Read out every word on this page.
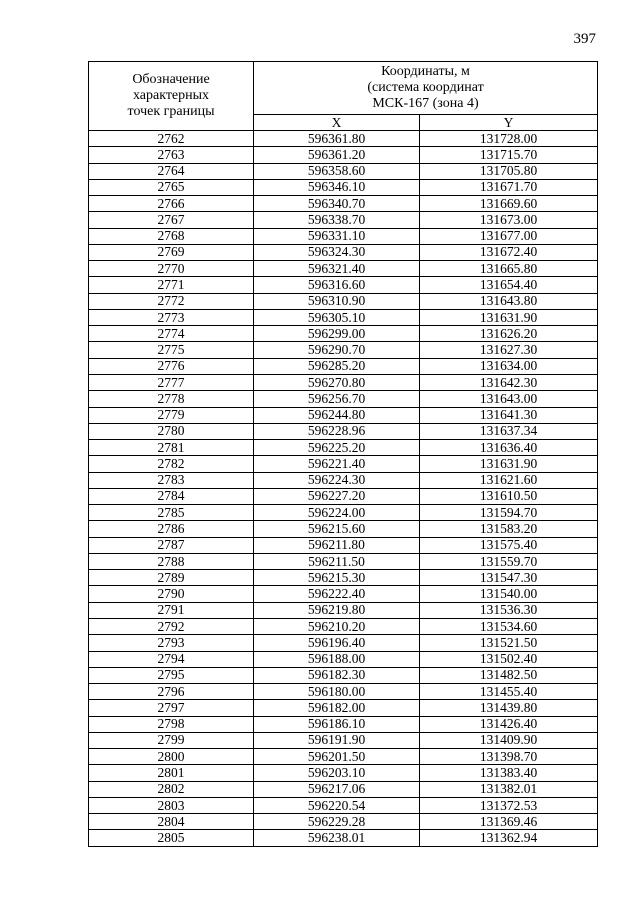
397
Обозначение
характерных
точек границы	Координаты, м
(система координат
МСК-167 (зона 4)	

	X	Y
2762	596361.80	131728.00
2763	596361.20	131715.70
2764	596358.60	131705.80
2765	596346.10	131671.70
2766	596340.70	131669.60
2767	596338.70	131673.00
2768	596331.10	131677.00
2769	596324.30	131672.40
2770	596321.40	131665.80
2771	596316.60	131654.40
2772	596310.90	131643.80
2773	596305.10	131631.90
2774	596299.00	131626.20
2775	596290.70	131627.30
2776	596285.20	131634.00
2777	596270.80	131642.30
2778	596256.70	131643.00
2779	596244.80	131641.30
2780	596228.96	131637.34
2781	596225.20	131636.40
2782	596221.40	131631.90
2783	596224.30	131621.60
2784	596227.20	131610.50
2785	596224.00	131594.70
2786	596215.60	131583.20
2787	596211.80	131575.40
2788	596211.50	131559.70
2789	596215.30	131547.30
2790	596222.40	131540.00
2791	596219.80	131536.30
2792	596210.20	131534.60
2793	596196.40	131521.50
2794	596188.00	131502.40
2795	596182.30	131482.50
2796	596180.00	131455.40
2797	596182.00	131439.80
2798	596186.10	131426.40
2799	596191.90	131409.90
2800	596201.50	131398.70
2801	596203.10	131383.40
2802	596217.06	131382.01
2803	596220.54	131372.53
2804	596229.28	131369.46
2805	596238.01	131362.94
